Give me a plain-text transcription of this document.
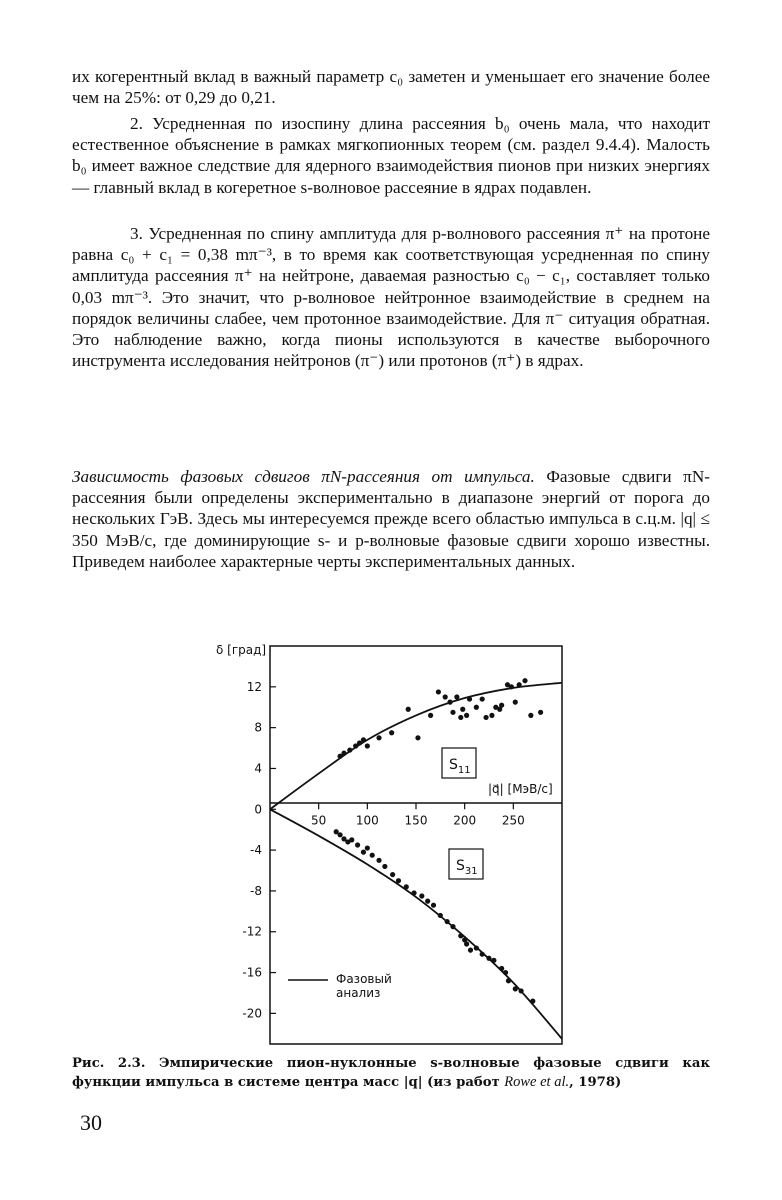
их когерентный вклад в важный параметр c₀ заметен и уменьшает его значение более чем на 25%: от 0,29 до 0,21.

2. Усредненная по изоспину длина рассеяния b₀ очень мала, что находит естественное объяснение в рамках мягкопионных теорем (см. раздел 9.4.4). Малость b₀ имеет важное следствие для ядерного взаимодействия пионов при низких энергиях — главный вклад в когеретное s-волновое рассеяние в ядрах подавлен.

3. Усредненная по спину амплитуда для p-волнового рассеяния π⁺ на протоне равна c₀ + c₁ = 0,38 mπ⁻³, в то время как соответствующая усредненная по спину амплитуда рассеяния π⁺ на нейтроне, даваемая разностью c₀ − c₁, составляет только 0,03 mπ⁻³. Это значит, что p-волновое нейтронное взаимодействие в среднем на порядок величины слабее, чем протонное взаимодействие. Для π⁻ ситуация обратная. Это наблюдение важно, когда пионы используются в качестве выборочного инструмента исследования нейтронов (π⁻) или протонов (π⁺) в ядрах.

Зависимость фазовых сдвигов πN-рассеяния от импульса. Фазовые сдвиги πN-рассеяния были определены экспериментально в диапазоне энергий от порога до нескольких ГэВ. Здесь мы интересуемся прежде всего областью импульса в с.ц.м. |q| ≤ 350 МэВ/c, где доминирующие s- и p-волновые фазовые сдвиги хорошо известны. Приведем наиболее характерные черты экспериментальных данных.

δ [град]
12
8
4
0
-4
-8
-12
-16
-20
50 100 150 200 250
$S_{11}$
$S_{31}$
|q⃗| [МэВ/c]
Фазовый
анализ

Рис. 2.3. Эмпирические пион-нуклонные s-волновые фазовые сдвиги как функции импульса в системе центра масс |q| (из работ Rowe et al., 1978)

30
